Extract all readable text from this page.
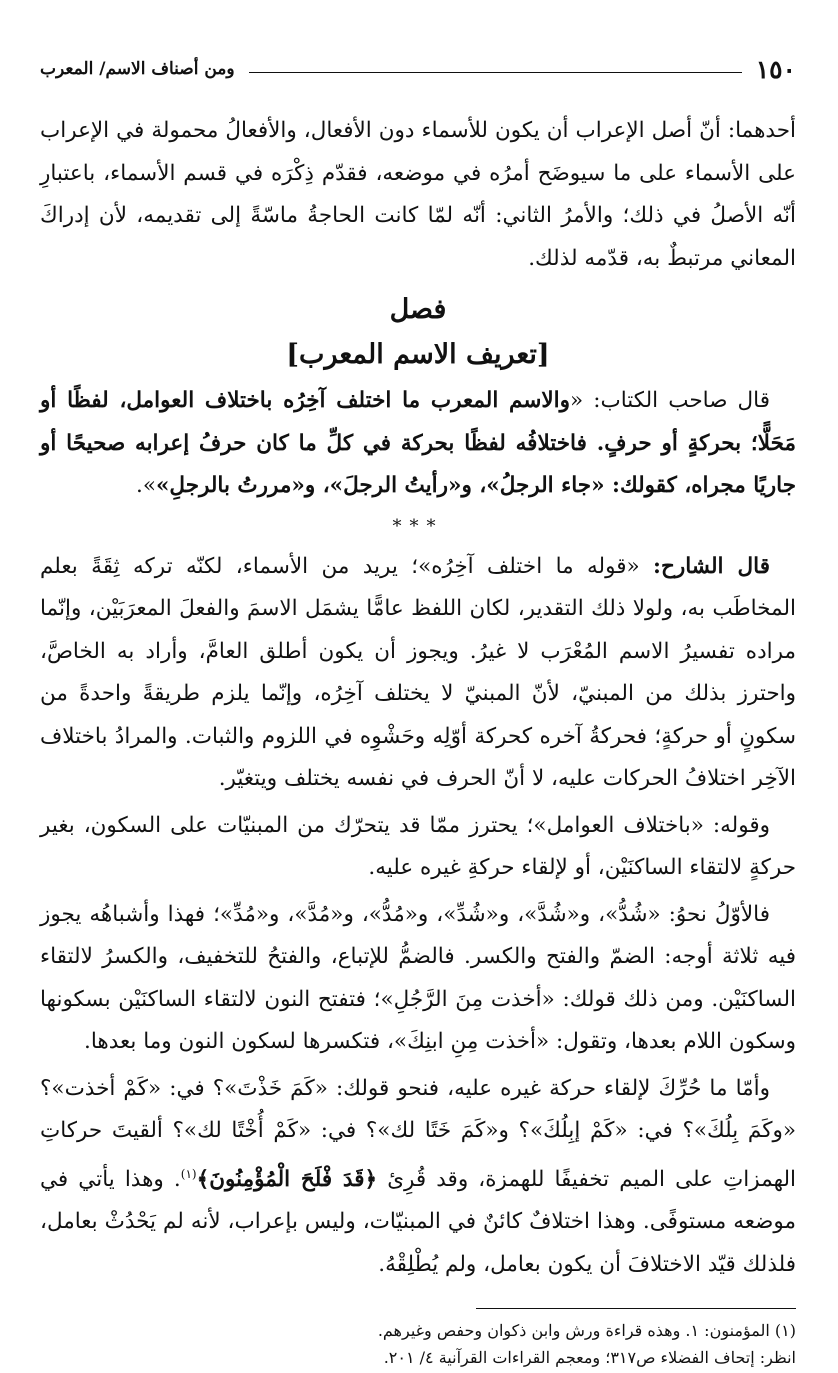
١٥٠
ومن أصناف الاسم/ المعرب

أحدهما: أنّ أصل الإعراب أن يكون للأسماء دون الأفعال، والأفعالُ محمولة في الإعراب على الأسماء على ما سيوضَح أمرُه في موضعه، فقدّم ذِكْرَه في قسم الأسماء، باعتبارِ أنّه الأصلُ في ذلك؛ والأمرُ الثاني: أنّه لمّا كانت الحاجةُ ماسّةً إلى تقديمه، لأن إدراكَ المعاني مرتبطٌ به، قدّمه لذلك.

فصل
[تعريف الاسم المعرب]

قال صاحب الكتاب: «والاسم المعرب ما اختلف آخِرُه باختلاف العوامل، لفظًا أو مَحَلًّا؛ بحركةٍ أو حرفٍ. فاختلافُه لفظًا بحركة في كلِّ ما كان حرفُ إعرابه صحيحًا أو جاريًا مجراه، كقولك: «جاء الرجلُ»، و«رأيتُ الرجلَ»، و«مررتُ بالرجلِ»».

***

قال الشارح: «قوله ما اختلف آخِرُه»؛ يريد من الأسماء، لكنّه تركه ثِقَةً بعلم المخاطَب به، ولولا ذلك التقدير، لكان اللفظ عامًّا يشمَل الاسمَ والفعلَ المعرَبَيْن، وإنّما مراده تفسيرُ الاسم المُعْرَب لا غيرُ. ويجوز أن يكون أطلق العامَّ، وأراد به الخاصَّ، واحترز بذلك من المبنيّ، لأنّ المبنيّ لا يختلف آخِرُه، وإنّما يلزم طريقةً واحدةً من سكونٍ أو حركةٍ؛ فحركةُ آخره كحركة أوّلِه وحَشْوِه في اللزوم والثبات. والمرادُ باختلاف الآخِر اختلافُ الحركات عليه، لا أنّ الحرف في نفسه يختلف ويتغيّر.

وقوله: «باختلاف العوامل»؛ يحترز ممّا قد يتحرّك من المبنيّات على السكون، بغير حركةٍ لالتقاء الساكنَيْن، أو لإلقاء حركةِ غيره عليه.

فالأوّلُ نحوُ: «شُدُّ»، و«شُدَّ»، و«شُدِّ»، و«مُدُّ»، و«مُدَّ»، و«مُدِّ»؛ فهذا وأشباهُه يجوز فيه ثلاثة أوجه: الضمّ والفتح والكسر. فالضمُّ للإتباع، والفتحُ للتخفيف، والكسرُ لالتقاء الساكنَيْن. ومن ذلك قولك: «أخذت مِنَ الرَّجُلِ»؛ فتفتح النون لالتقاء الساكنَيْن بسكونها وسكون اللام بعدها، وتقول: «أخذت مِنِ ابنِكَ»، فتكسرها لسكون النون وما بعدها.

وأمّا ما حُرِّكَ لإلقاء حركة غيره عليه، فنحو قولك: «كَمَ خَذْتَ»؟ في: «كَمْ أخذت»؟ «وكَمَ بِلُكَ»؟ في: «كَمْ إبِلُكَ»؟ و«كَمَ خَتًا لك»؟ في: «كَمْ أُخْتًا لك»؟ ألقيتَ حركاتِ الهمزاتِ على الميم تخفيفًا للهمزة، وقد قُرِئ ﴿قَدَ فْلَحَ الْمُؤْمِنُونَ﴾$^{(١)}$. وهذا يأتي في موضعه مستوفًى. وهذا اختلافٌ كائنٌ في المبنيّات، وليس بإعراب، لأنه لم يَحْدُثْ بعامل، فلذلك قيّد الاختلافَ أن يكون بعامل، ولم يُطْلِقْهُ.

(١) المؤمنون: ١. وهذه قراءة ورش وابن ذكوان وحفص وغيرهم.

انظر: إتحاف الفضلاء ص٣١٧؛ ومعجم القراءات القرآنية ٤/ ٢٠١.
